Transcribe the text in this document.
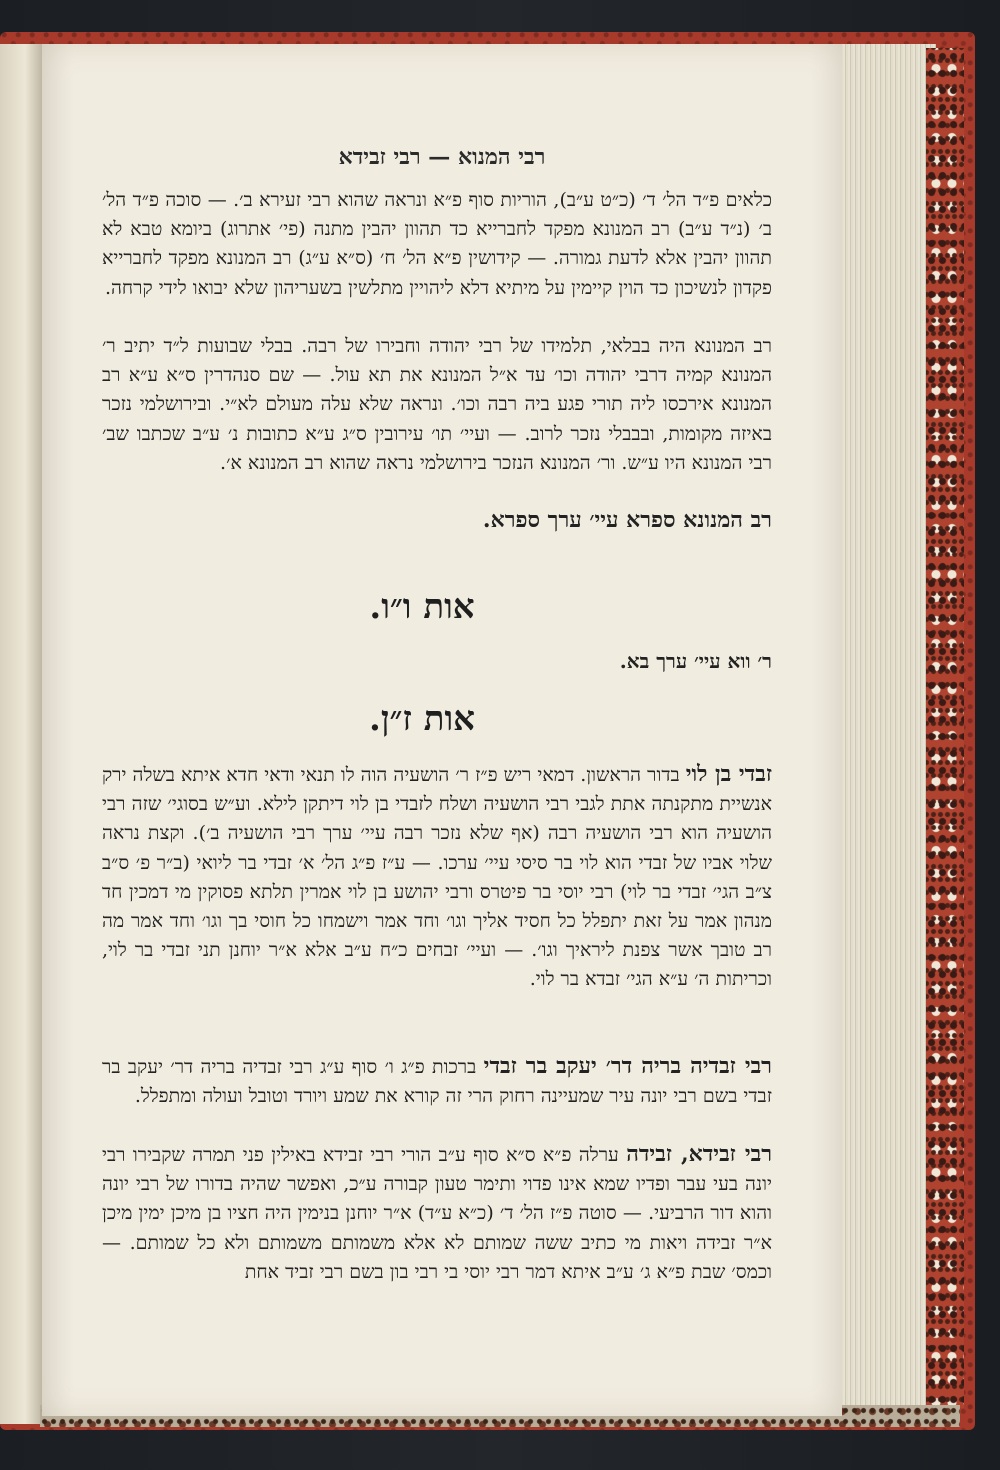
רבי המנוא — רבי זבידא

כלאים פ״ד הל׳ ד׳ (כ״ט ע״ב), הוריות סוף פ״א ונראה שהוא רבי זעירא ב׳. — סוכה פ״ד הל׳ ב׳ (נ״ד ע״ב) רב המנונא מפקד לחברייא כד תהוון יהבין מתנה (פי׳ אתרוג) ביומא טבא לא תהוון יהבין אלא לדעת גמורה. — קידושין פ״א הל׳ ח׳ (ס״א ע״ג) רב המנונא מפקד לחברייא פקדון לנשיכון כד הוין קיימין על מיתיא דלא ליהויין מתלשין בשעריהון שלא יבואו לידי קרחה.

רב המנונא היה בבלאי, תלמידו של רבי יהודה וחבירו של רבה. בבלי שבועות ל״ד יתיב ר׳ המנונא קמיה דרבי יהודה וכו׳ עד א״ל המנונא את תא עול. — שם סנהדרין ס״א ע״א רב המנונא אירכסו ליה תורי פגע ביה רבה וכו׳. ונראה שלא עלה מעולם לא״י. ובירושלמי נזכר באיזה מקומות, ובבבלי נזכר לרוב. — ועיי׳ תו׳ עירובין ס״ג ע״א כתובות נ׳ ע״ב שכתבו שב׳ רבי המנונא היו ע״ש. ור׳ המנונא הנזכר בירושלמי נראה שהוא רב המנונא א׳.

רב המנונא ספרא עיי׳ ערך ספרא.
אות ו״ו.
ר׳ ווא עיי׳ ערך בא.
אות ז״ן.

זבדי בן לוי בדור הראשון. דמאי ריש פ״ז ר׳ הושעיה הוה לו תנאי ודאי חדא איתא בשלה ירק אנשיית מתקנתה אתת לגבי רבי הושעיה ושלח לזבדי בן לוי דיתקן לילא. וע״ש בסוגי׳ שזה רבי הושעיה הוא רבי הושעיה רבה (אף שלא נזכר רבה עיי׳ ערך רבי הושעיה ב׳). וקצת נראה שלוי אביו של זבדי הוא לוי בר סיסי עיי׳ ערכו. — ע״ז פ״ג הל׳ א׳ זבדי בר ליואי (ב״ר פ׳ ס״ב צ״ב הגי׳ זבדי בר לוי) רבי יוסי בר פיטרס ורבי יהושע בן לוי אמרין תלתא פסוקין מי דמכין חד מנהון אמר על זאת יתפלל כל חסיד אליך וגו׳ וחד אמר וישמחו כל חוסי בך וגו׳ וחד אמר מה רב טובך אשר צפנת ליראיך וגו׳. — ועיי׳ זבחים כ״ח ע״ב אלא א״ר יוחנן תני זבדי בר לוי, וכריתות ה׳ ע״א הגי׳ זבדא בר לוי.

רבי זבדיה בריה דר׳ יעקב בר זבדי ברכות פ״ג ו׳ סוף ע״ג רבי זבדיה בריה דר׳ יעקב בר זבדי בשם רבי יונה עיר שמעיינה רחוק הרי זה קורא את שמע ויורד וטובל ועולה ומתפלל.

רבי זבידא, זבידה ערלה פ״א ס״א סוף ע״ב הורי רבי זבידא באילין פני תמרה שקבירו רבי יונה בעי עבר ופדיו שמא אינו פדוי ותימר טעון קבורה ע״כ, ואפשר שהיה בדורו של רבי יונה והוא דור הרביעי. — סוטה פ״ז הל׳ ד׳ (כ״א ע״ד) א״ר יוחנן בנימין היה חציו בן מיכן ימין מיכן א״ר זבידה ויאות מי כתיב ששה שמותם לא אלא משמותם משמותם ולא כל שמותם. — וכמס׳ שבת פ״א ג׳ ע״ב איתא דמר רבי יוסי בי רבי בון בשם רבי זביד אחת
